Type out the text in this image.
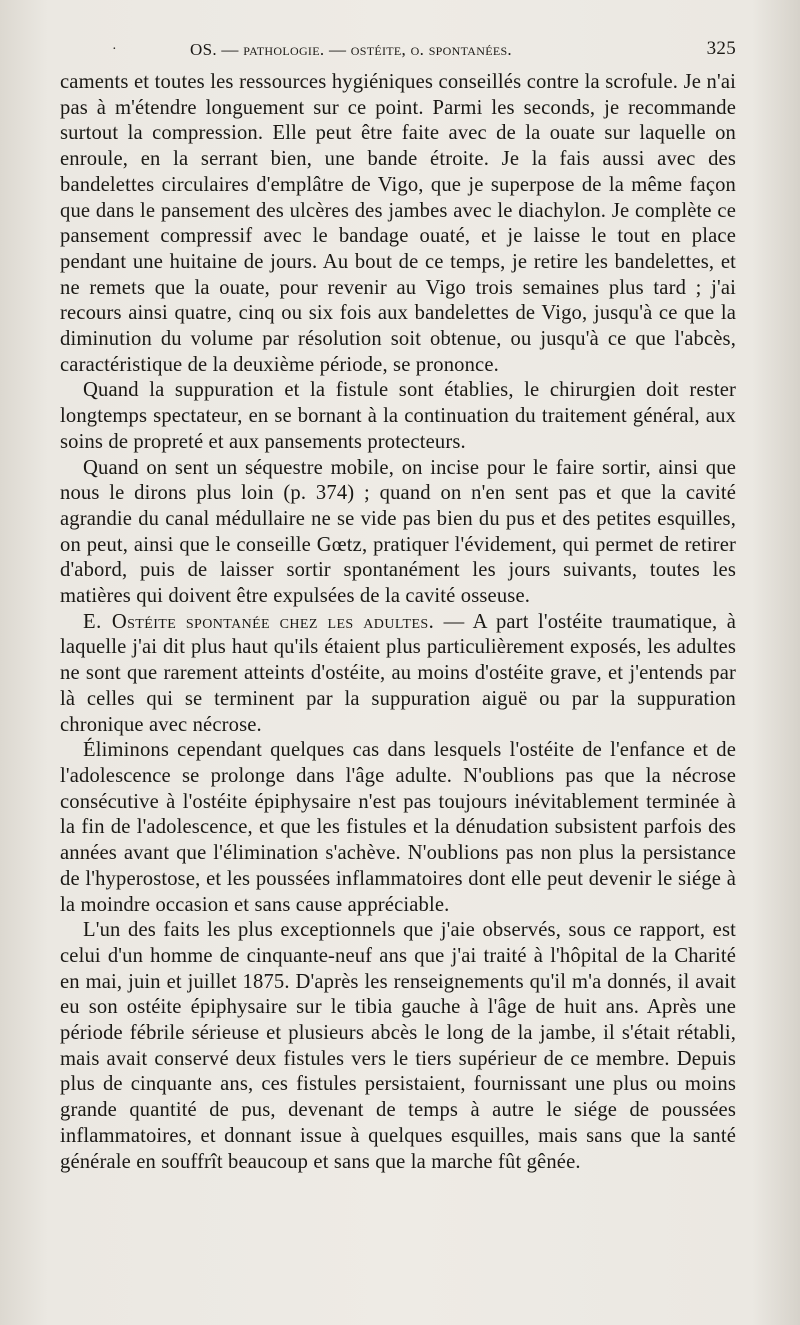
·	OS. — pathologie. — ostéite, o. spontanées.	325

caments et toutes les ressources hygiéniques conseillés contre la scrofule. Je n'ai pas à m'étendre longuement sur ce point. Parmi les seconds, je recommande surtout la compression. Elle peut être faite avec de la ouate sur laquelle on enroule, en la serrant bien, une bande étroite. Je la fais aussi avec des bandelettes circulaires d'emplâtre de Vigo, que je superpose de la même façon que dans le pansement des ulcères des jambes avec le diachylon. Je complète ce pansement compressif avec le bandage ouaté, et je laisse le tout en place pendant une huitaine de jours. Au bout de ce temps, je retire les bandelettes, et ne remets que la ouate, pour revenir au Vigo trois semaines plus tard ; j'ai recours ainsi quatre, cinq ou six fois aux bandelettes de Vigo, jusqu'à ce que la diminution du volume par résolution soit obtenue, ou jusqu'à ce que l'abcès, caractéristique de la deuxième période, se prononce.

Quand la suppuration et la fistule sont établies, le chirurgien doit rester longtemps spectateur, en se bornant à la continuation du traitement général, aux soins de propreté et aux pansements protecteurs.

Quand on sent un séquestre mobile, on incise pour le faire sortir, ainsi que nous le dirons plus loin (p. 374) ; quand on n'en sent pas et que la cavité agrandie du canal médullaire ne se vide pas bien du pus et des petites esquilles, on peut, ainsi que le conseille Gœtz, pratiquer l'évidement, qui permet de retirer d'abord, puis de laisser sortir spontanément les jours suivants, toutes les matières qui doivent être expulsées de la cavité osseuse.

E. Ostéite spontanée chez les adultes. — A part l'ostéite traumatique, à laquelle j'ai dit plus haut qu'ils étaient plus particulièrement exposés, les adultes ne sont que rarement atteints d'ostéite, au moins d'ostéite grave, et j'entends par là celles qui se terminent par la suppuration aiguë ou par la suppuration chronique avec nécrose.

Éliminons cependant quelques cas dans lesquels l'ostéite de l'enfance et de l'adolescence se prolonge dans l'âge adulte. N'oublions pas que la nécrose consécutive à l'ostéite épiphysaire n'est pas toujours inévitablement terminée à la fin de l'adolescence, et que les fistules et la dénudation subsistent parfois des années avant que l'élimination s'achève. N'oublions pas non plus la persistance de l'hyperostose, et les poussées inflammatoires dont elle peut devenir le siége à la moindre occasion et sans cause appréciable.

L'un des faits les plus exceptionnels que j'aie observés, sous ce rapport, est celui d'un homme de cinquante-neuf ans que j'ai traité à l'hôpital de la Charité en mai, juin et juillet 1875. D'après les renseignements qu'il m'a donnés, il avait eu son ostéite épiphysaire sur le tibia gauche à l'âge de huit ans. Après une période fébrile sérieuse et plusieurs abcès le long de la jambe, il s'était rétabli, mais avait conservé deux fistules vers le tiers supérieur de ce membre. Depuis plus de cinquante ans, ces fistules persistaient, fournissant une plus ou moins grande quantité de pus, devenant de temps à autre le siége de poussées inflammatoires, et donnant issue à quelques esquilles, mais sans que la santé générale en souffrît beaucoup et sans que la marche fût gênée.
